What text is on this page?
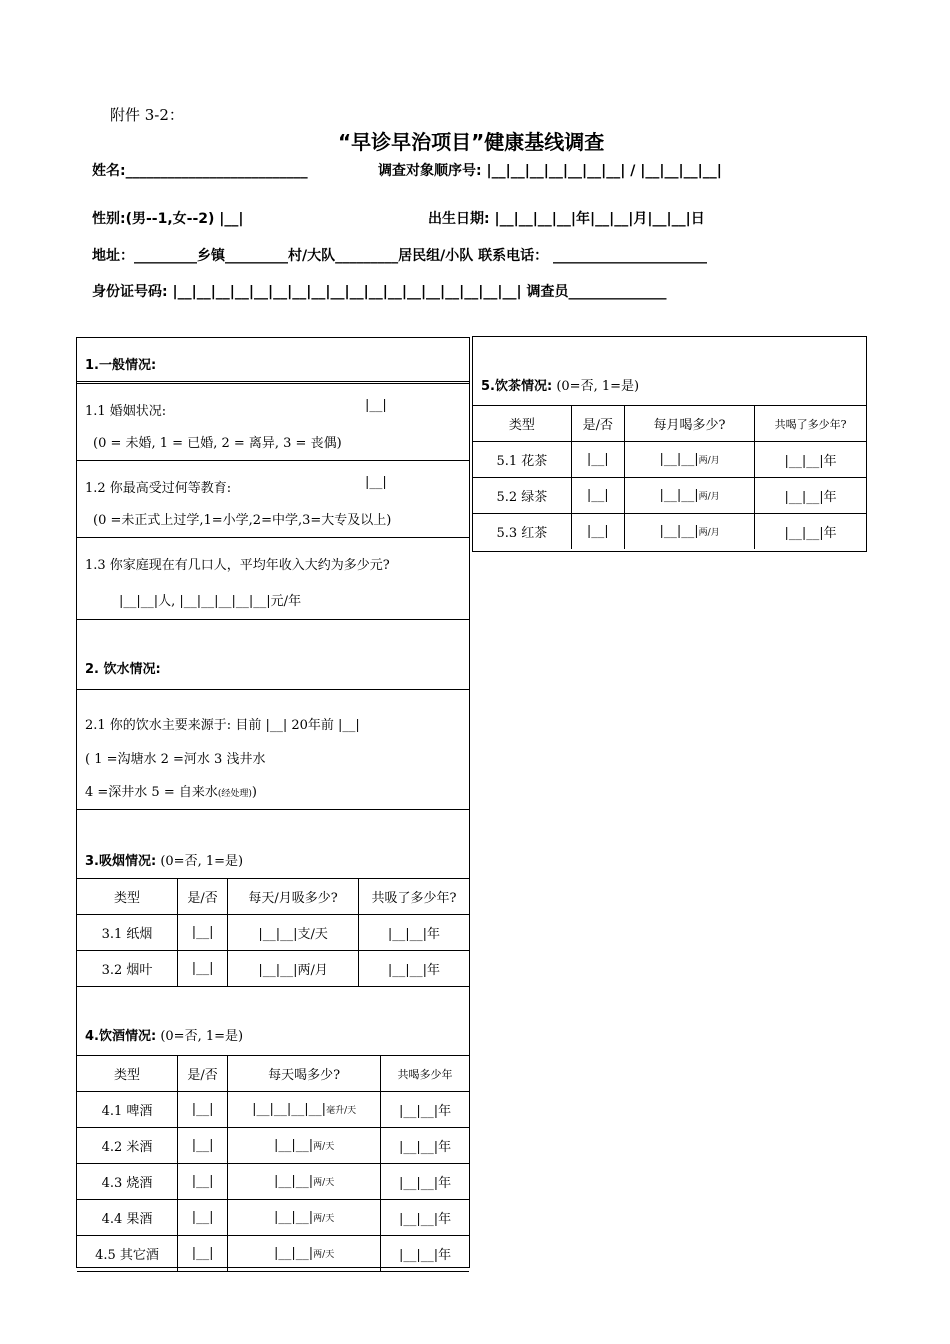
附件 3-2：
“早诊早治项目”健康基线调查
姓名:__________________________	调查对象顺序号: |__|__|__|__|__|__|__| / |__|__|__|__|
性别:(男--1,女--2) |__|	出生日期: |__|__|__|__|年|__|__|月|__|__|日
地址：_________乡镇_________村/大队_________居民组/小队 联系电话： ______________________
身份证号码: |__|__|__|__|__|__|__|__|__|__|__|__|__|__|__|__|__|__| 调查员______________
1.一般情况:
1.1 婚姻状况:	|__|
(0 = 未婚, 1 = 已婚, 2 = 离异, 3 = 丧偶)
1.2 你最高受过何等教育:	|__|
(0 =未正式上过学,1=小学,2=中学,3=大专及以上)
1.3 你家庭现在有几口人，平均年收入大约为多少元?
|__|__|人, |__|__|__|__|__|元/年
2. 饮水情况:
2.1 你的饮水主要来源于: 目前 |__| 20年前 |__|
( 1 =沟塘水 2 =河水 3 浅井水
4 =深井水 5 = 自来水(经处理))
3.吸烟情况: (0=否, 1=是)
类型	是/否	每天/月吸多少?	共吸了多少年?
3.1 纸烟	|__|	|__|__|支/天	|__|__|年
3.2 烟叶	|__|	|__|__|两/月	|__|__|年
4.饮酒情况: (0=否, 1=是)
类型	是/否	每天喝多少?	共喝多少年
4.1 啤酒	|__|	|__|__|__|__|毫升/天	|__|__|年
4.2 米酒	|__|	|__|__|两/天	|__|__|年
4.3 烧酒	|__|	|__|__|两/天	|__|__|年
4.4 果酒	|__|	|__|__|两/天	|__|__|年
4.5 其它酒	|__|	|__|__|两/天	|__|__|年
5.饮茶情况: (0=否, 1=是)
类型	是/否	每月喝多少?	共喝了多少年?
5.1 花茶	|__|	|__|__|两/月	|__|__|年
5.2 绿茶	|__|	|__|__|两/月	|__|__|年
5.3 红茶	|__|	|__|__|两/月	|__|__|年
